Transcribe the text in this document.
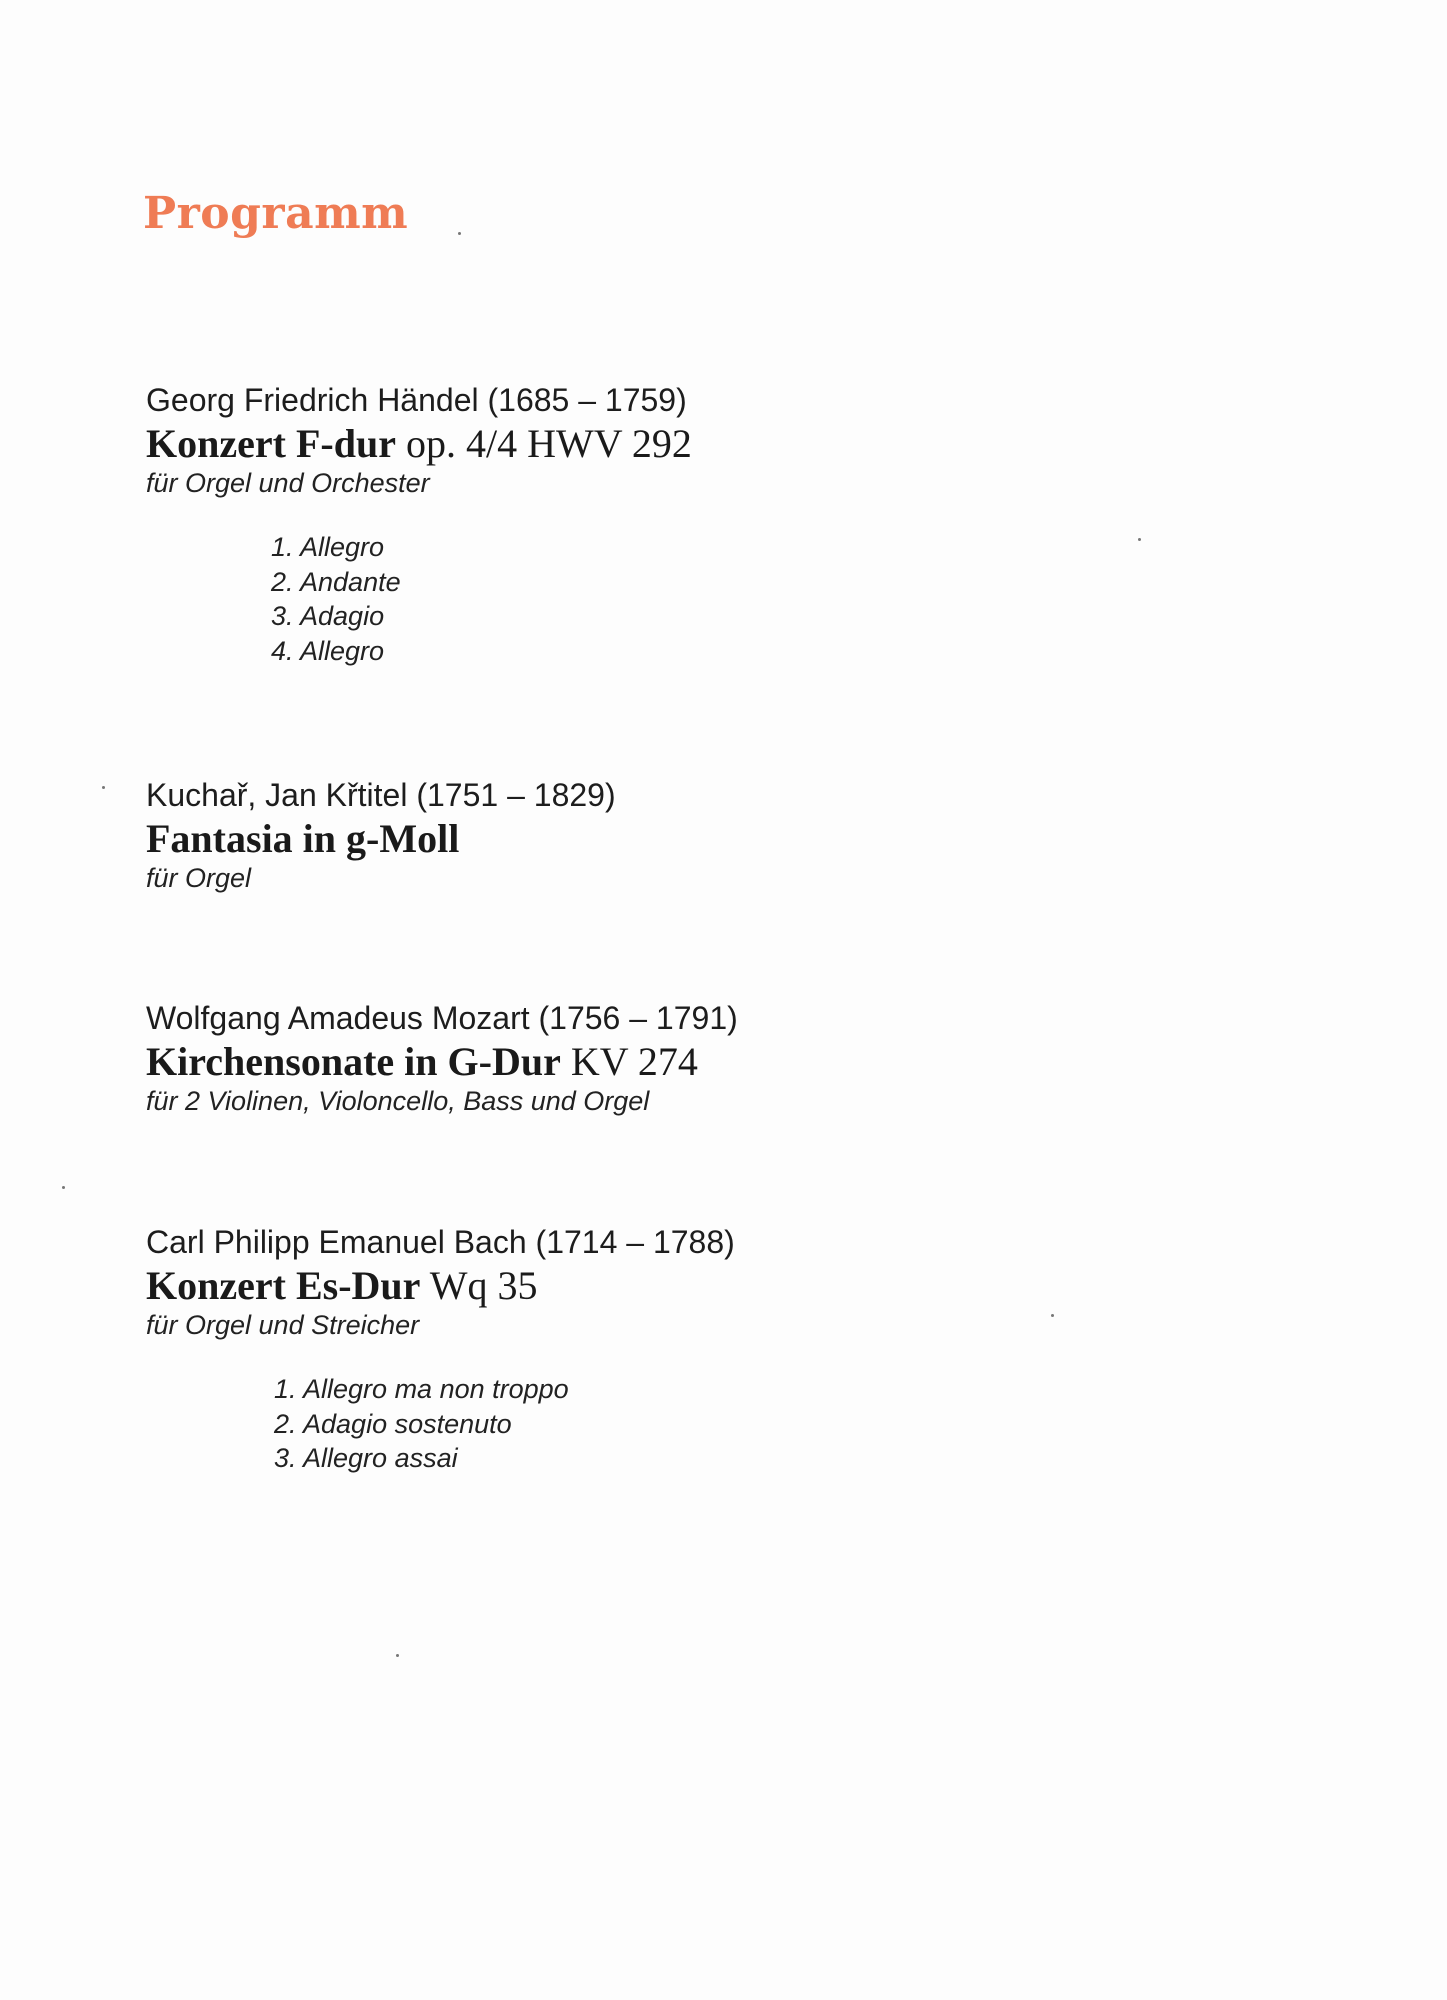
Programm
Georg Friedrich Händel (1685 – 1759)
Konzert F-dur op. 4/4 HWV 292
für Orgel und Orchester
1. Allegro
2. Andante
3. Adagio
4. Allegro
Kuchař, Jan Křtitel (1751 – 1829)
Fantasia in g-Moll
für Orgel
Wolfgang Amadeus Mozart (1756 – 1791)
Kirchensonate in G-Dur KV 274
für 2 Violinen, Violoncello, Bass und Orgel
Carl Philipp Emanuel Bach (1714 – 1788)
Konzert Es-Dur Wq 35
für Orgel und Streicher
1. Allegro ma non troppo
2. Adagio sostenuto
3. Allegro assai
